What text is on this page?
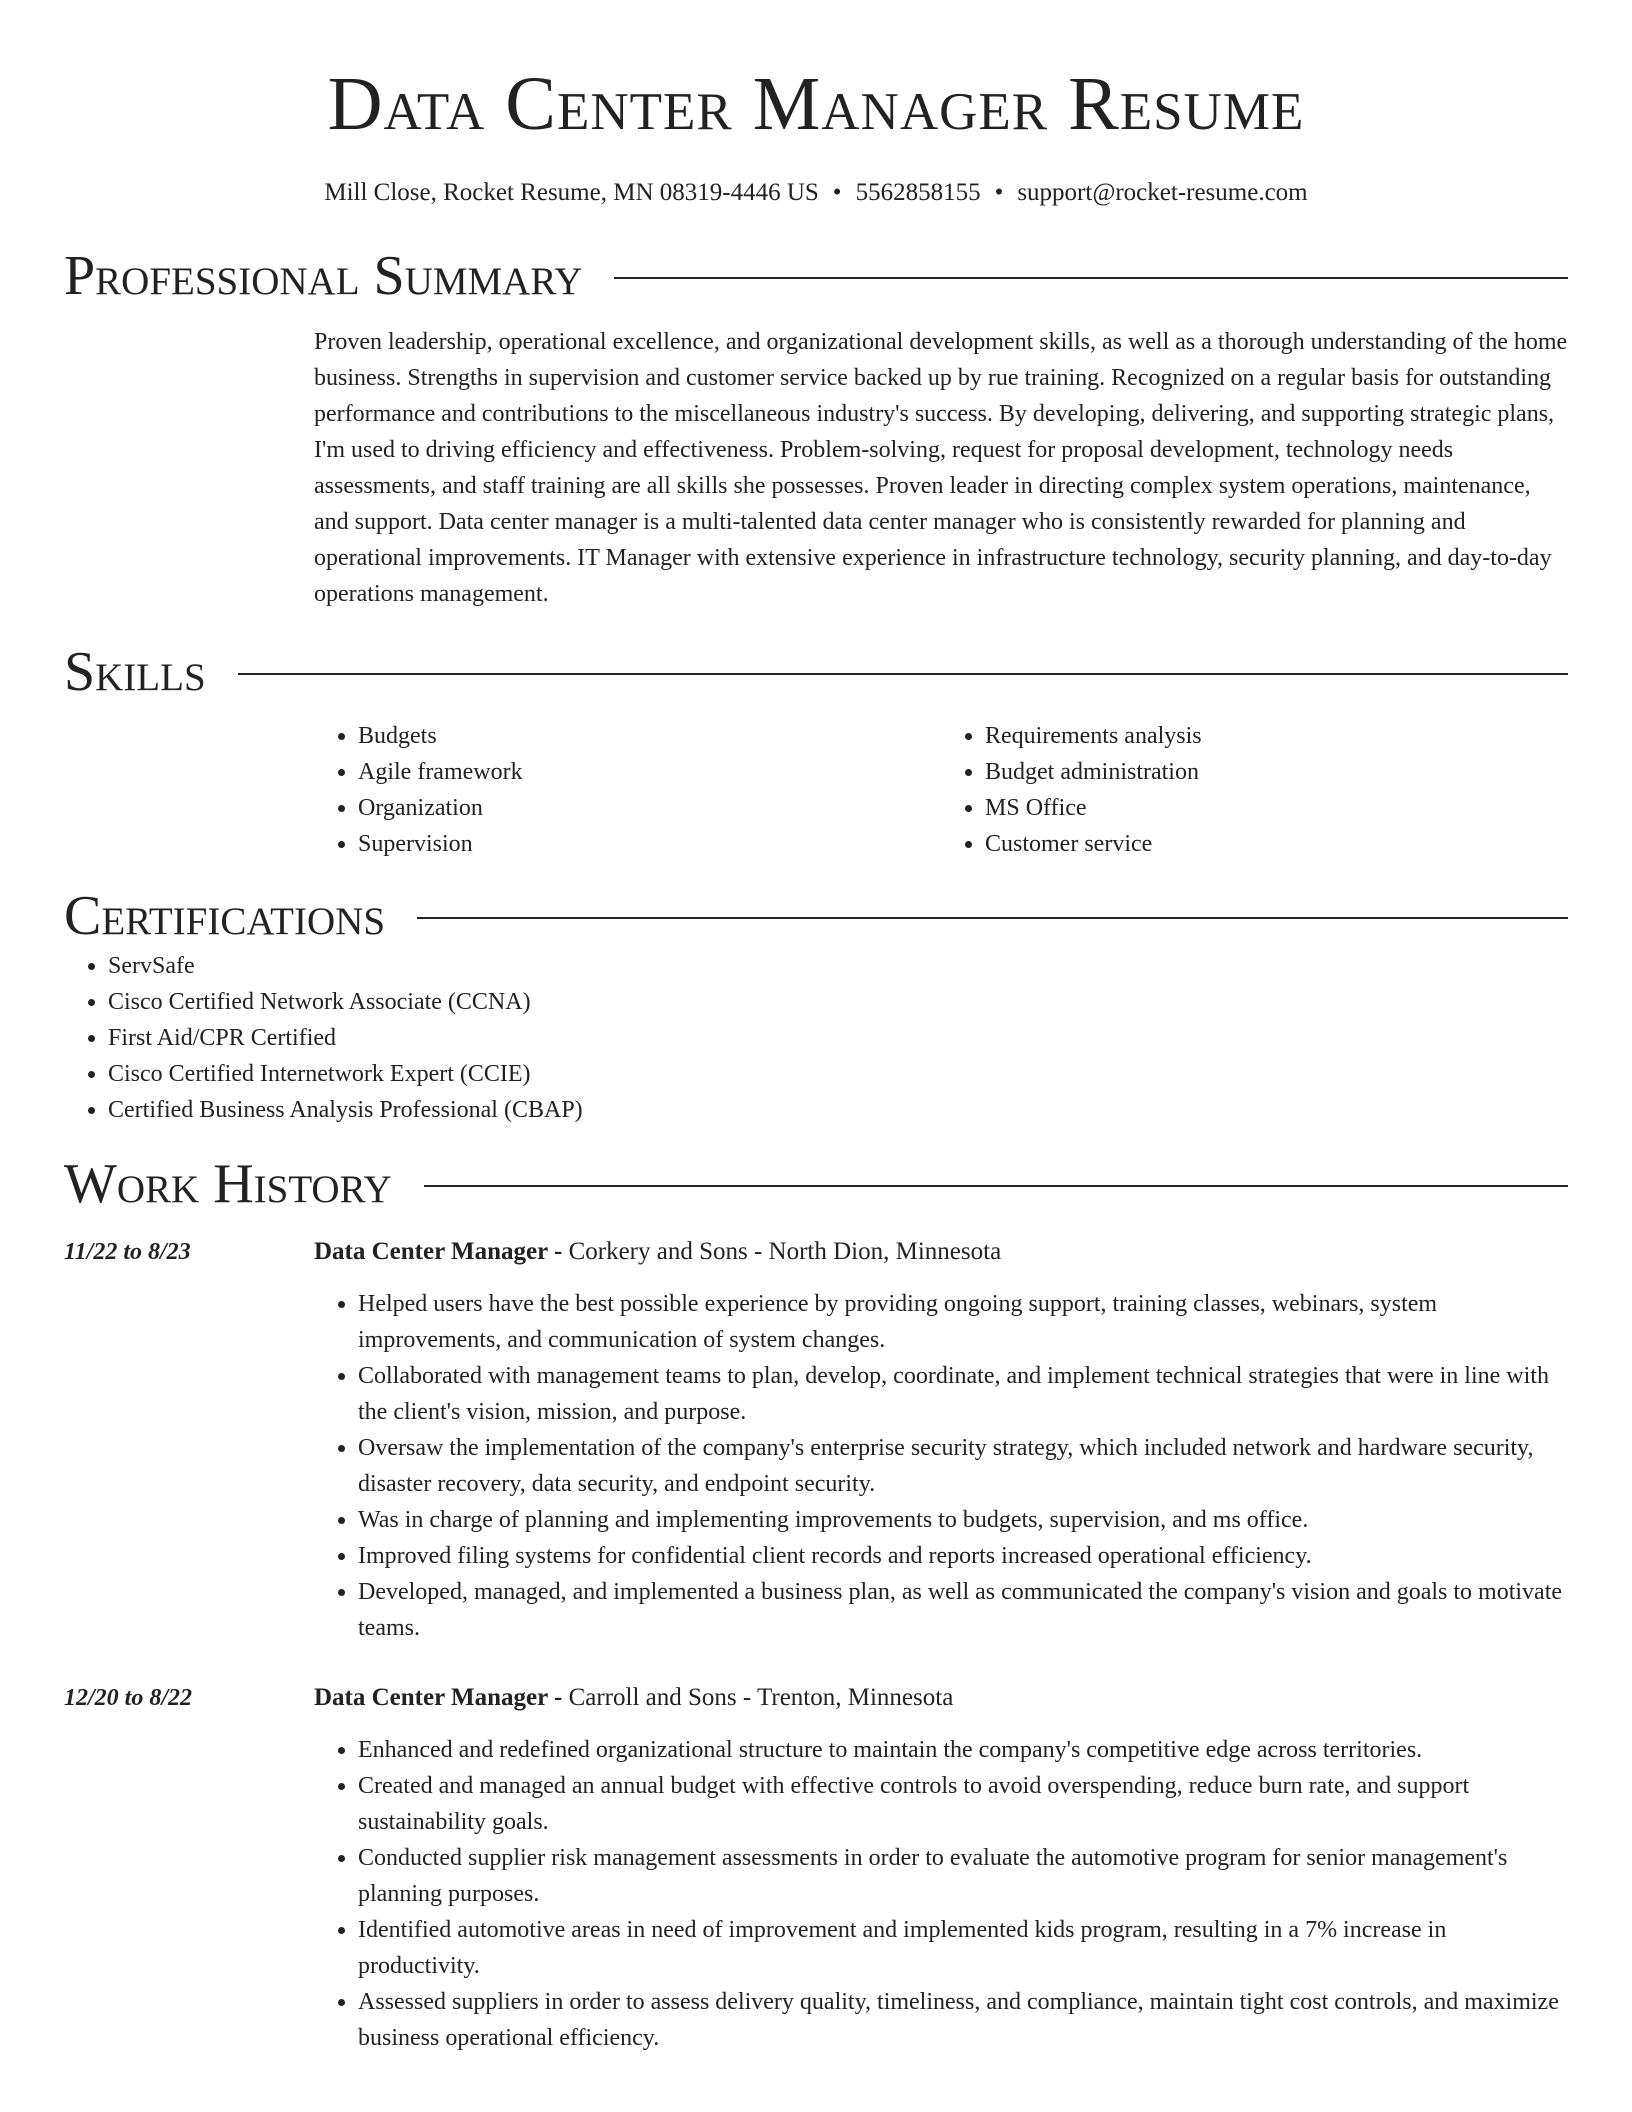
Data Center Manager Resume
Mill Close, Rocket Resume, MN 08319-4446 US • 5562858155 • support@rocket-resume.com
Professional Summary
Proven leadership, operational excellence, and organizational development skills, as well as a thorough understanding of the home business. Strengths in supervision and customer service backed up by rue training. Recognized on a regular basis for outstanding performance and contributions to the miscellaneous industry's success. By developing, delivering, and supporting strategic plans, I'm used to driving efficiency and effectiveness. Problem-solving, request for proposal development, technology needs assessments, and staff training are all skills she possesses. Proven leader in directing complex system operations, maintenance, and support. Data center manager is a multi-talented data center manager who is consistently rewarded for planning and operational improvements. IT Manager with extensive experience in infrastructure technology, security planning, and day-to-day operations management.
Skills
• Budgets
• Agile framework
• Organization
• Supervision
• Requirements analysis
• Budget administration
• MS Office
• Customer service
Certifications
• ServSafe
• Cisco Certified Network Associate (CCNA)
• First Aid/CPR Certified
• Cisco Certified Internetwork Expert (CCIE)
• Certified Business Analysis Professional (CBAP)
Work History
11/22 to 8/23	Data Center Manager - Corkery and Sons - North Dion, Minnesota
• Helped users have the best possible experience by providing ongoing support, training classes, webinars, system improvements, and communication of system changes.
• Collaborated with management teams to plan, develop, coordinate, and implement technical strategies that were in line with the client's vision, mission, and purpose.
• Oversaw the implementation of the company's enterprise security strategy, which included network and hardware security, disaster recovery, data security, and endpoint security.
• Was in charge of planning and implementing improvements to budgets, supervision, and ms office.
• Improved filing systems for confidential client records and reports increased operational efficiency.
• Developed, managed, and implemented a business plan, as well as communicated the company's vision and goals to motivate teams.
12/20 to 8/22	Data Center Manager - Carroll and Sons - Trenton, Minnesota
• Enhanced and redefined organizational structure to maintain the company's competitive edge across territories.
• Created and managed an annual budget with effective controls to avoid overspending, reduce burn rate, and support sustainability goals.
• Conducted supplier risk management assessments in order to evaluate the automotive program for senior management's planning purposes.
• Identified automotive areas in need of improvement and implemented kids program, resulting in a 7% increase in productivity.
• Assessed suppliers in order to assess delivery quality, timeliness, and compliance, maintain tight cost controls, and maximize business operational efficiency.
